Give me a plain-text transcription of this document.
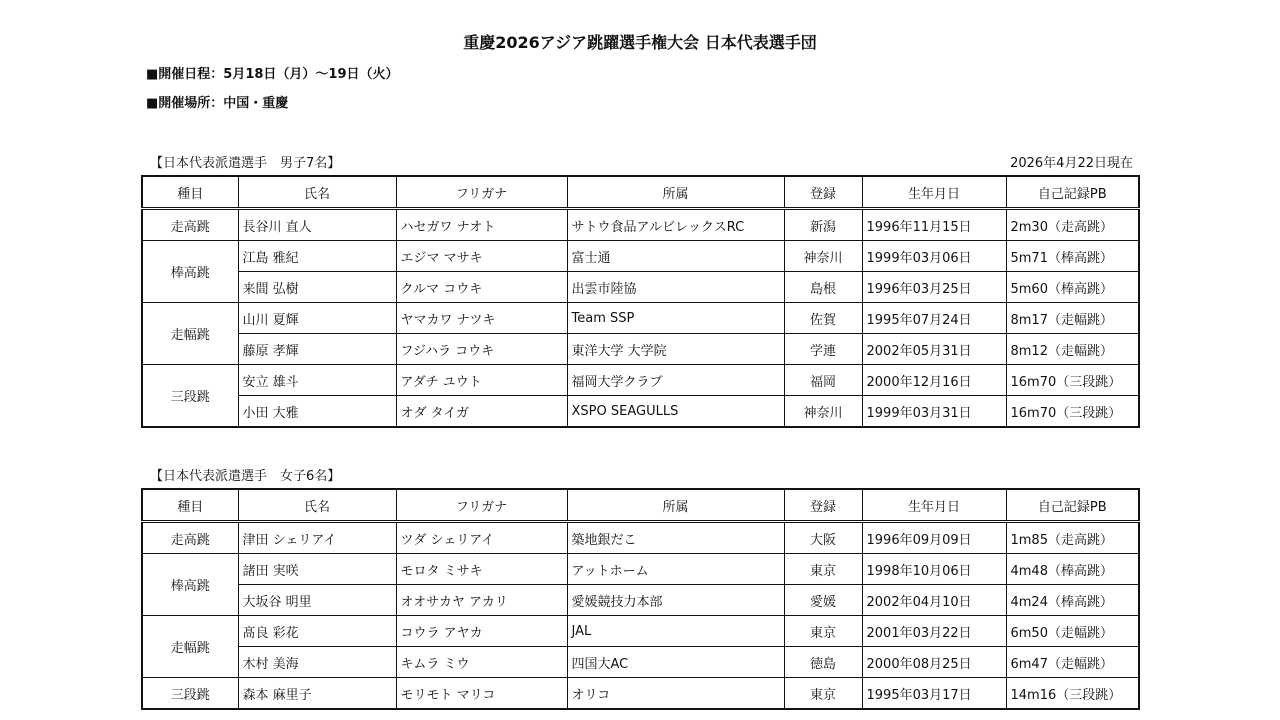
重慶2026アジア跳躍選手権大会 日本代表選手団
■開催日程：5月18日（月）〜19日（火）
■開催場所：中国・重慶
【日本代表派遣選手　男子7名】	2026年4月22日現在
種目	氏名	フリガナ	所属	登録	生年月日	自己記録PB
走高跳	長谷川 直人	ハセガワ ナオト	サトウ食品アルビレックスRC	新潟	1996年11月15日	2m30（走高跳）
棒高跳	江島 雅紀	エジマ マサキ	富士通	神奈川	1999年03月06日	5m71（棒高跳）
	来間 弘樹	クルマ コウキ	出雲市陸協	島根	1996年03月25日	5m60（棒高跳）
走幅跳	山川 夏輝	ヤマカワ ナツキ	Team SSP	佐賀	1995年07月24日	8m17（走幅跳）
	藤原 孝輝	フジハラ コウキ	東洋大学 大学院	学連	2002年05月31日	8m12（走幅跳）
三段跳	安立 雄斗	アダチ ユウト	福岡大学クラブ	福岡	2000年12月16日	16m70（三段跳）
	小田 大雅	オダ タイガ	XSPO SEAGULLS	神奈川	1999年03月31日	16m70（三段跳）
【日本代表派遣選手　女子6名】
種目	氏名	フリガナ	所属	登録	生年月日	自己記録PB
走高跳	津田 シェリアイ	ツダ シェリアイ	築地銀だこ	大阪	1996年09月09日	1m85（走高跳）
棒高跳	諸田 実咲	モロタ ミサキ	アットホーム	東京	1998年10月06日	4m48（棒高跳）
	大坂谷 明里	オオサカヤ アカリ	愛媛競技力本部	愛媛	2002年04月10日	4m24（棒高跳）
走幅跳	髙良 彩花	コウラ アヤカ	JAL	東京	2001年03月22日	6m50（走幅跳）
	木村 美海	キムラ ミウ	四国大AC	徳島	2000年08月25日	6m47（走幅跳）
三段跳	森本 麻里子	モリモト マリコ	オリコ	東京	1995年03月17日	14m16（三段跳）
